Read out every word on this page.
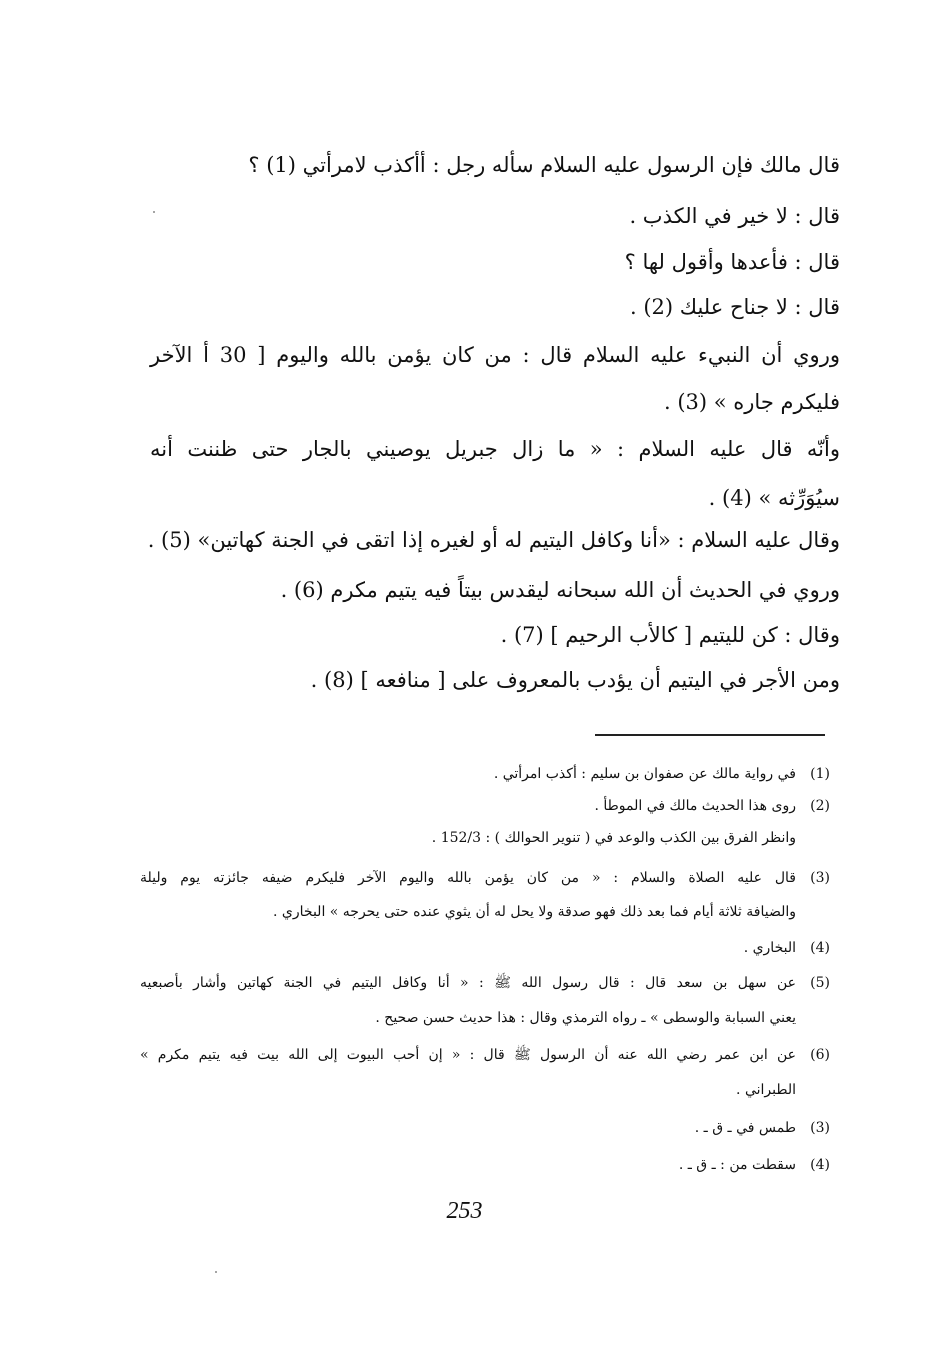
قال مالك فإن الرسول عليه السلام سأله رجل : أأكذب لامرأتي (1) ؟
قال : لا خير في الكذب .
قال : فأعدها وأقول لها ؟
قال : لا جناح عليك (2) .
وروي أن النبيء عليه السلام قال : من كان يؤمن بالله واليوم [ 30 أ الآخر
فليكرم جاره » (3) .
وأنّه قال عليه السلام : « ما زال جبريل يوصيني بالجار حتى ظننت أنه
سيُوَرِّثه » (4) .
وقال عليه السلام : «أنا وكافل اليتيم له أو لغيره إذا اتقى في الجنة كهاتين» (5) .
وروي في الحديث أن الله سبحانه ليقدس بيتاً فيه يتيم مكرم (6) .
وقال : كن لليتيم [ كالأب الرحيم ] (7) .
ومن الأجر في اليتيم أن يؤدب بالمعروف على [ منافعه ] (8) .
(1)في رواية مالك عن صفوان بن سليم : أكذب امرأتي .
(2)روى هذا الحديث مالك في الموطأ .
وانظر الفرق بين الكذب والوعد في ( تنوير الحوالك ) : 152/3 .
(3)قال عليه الصلاة والسلام : « من كان يؤمن بالله واليوم الآخر فليكرم ضيفه جائزته يوم وليلة
والضيافة ثلاثة أيام فما بعد ذلك فهو صدقة ولا يحل له أن يثوي عنده حتى يحرجه » البخاري .
(4)البخاري .
(5)عن سهل بن سعد قال : قال رسول الله ﷺ : « أنا وكافل اليتيم في الجنة كهاتين وأشار بأصبعيه
يعني السبابة والوسطى » ـ رواه الترمذي وقال : هذا حديث حسن صحيح .
(6)عن ابن عمر رضي الله عنه أن الرسول ﷺ قال : « إن أحب البيوت إلى الله بيت فيه يتيم مكرم »
الطبراني .
(3)طمس في ـ ق ـ .
(4)سقطت من : ـ ق ـ .
253
